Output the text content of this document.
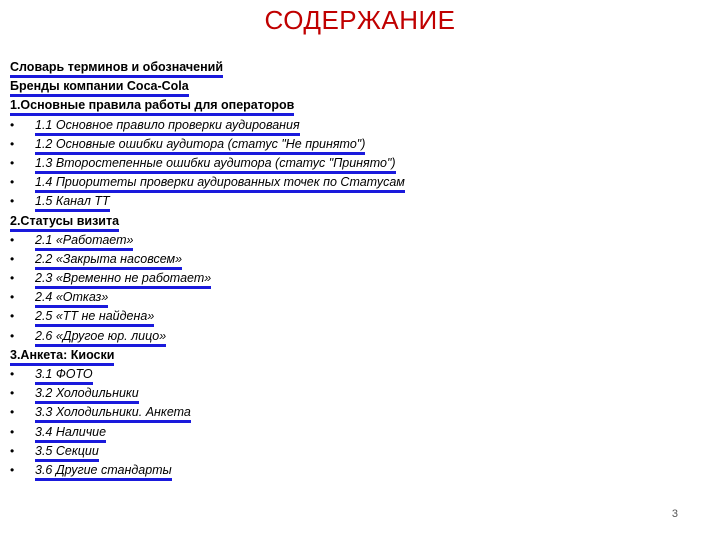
СОДЕРЖАНИЕ
Словарь терминов и обозначений
Бренды компании Coca-Cola
1.Основные правила работы для операторов
• 1.1 Основное правило проверки аудирования
• 1.2 Основные ошибки аудитора (статус "Не принято")
• 1.3 Второстепенные ошибки аудитора (статус "Принято")
• 1.4 Приоритеты проверки аудированных точек по Статусам
• 1.5 Канал ТТ
2.Статусы визита
• 2.1 «Работает»
• 2.2 «Закрыта насовсем»
• 2.3 «Временно не работает»
• 2.4 «Отказ»
• 2.5 «ТТ не найдена»
• 2.6 «Другое юр. лицо»
3.Анкета: Киоски
• 3.1 ФОТО
• 3.2 Холодильники
• 3.3 Холодильники. Анкета
• 3.4 Наличие
• 3.5 Секции
• 3.6 Другие стандарты
3
